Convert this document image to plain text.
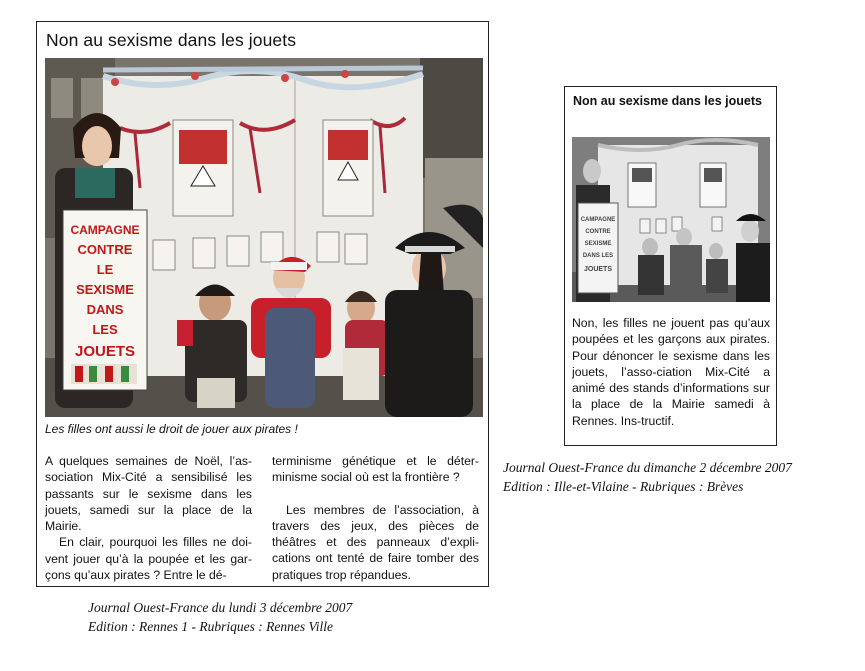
Non au sexisme dans les jouets
CAMPAGNE
CONTRE
LE
SEXISME
DANS
LES
JOUETS
Les filles ont aussi le droit de jouer aux pirates !

A quelques semaines de Noël, l’as-sociation Mix-Cité a sensibilisé les passants sur le sexisme dans les jouets, samedi sur la place de la Mairie.

En clair, pourquoi les filles ne doi-vent jouer qu’à la poupée et les gar-çons qu’aux pirates ? Entre le dé-

terminisme génétique et le déter-minisme social où est la frontière ?

Les membres de l’association, à travers des jeux, des pièces de théâtres et des panneaux d’expli-cations ont tenté de faire tomber des pratiques trop répandues.

Journal Ouest-France du lundi 3 décembre 2007
Edition : Rennes 1 - Rubriques : Rennes Ville
Non au sexisme dans les jouets
CAMPAGNE
CONTRE
SEXISME
DANS LES
JOUETS
Non, les filles ne jouent pas qu’aux poupées et les garçons aux pirates. Pour dénoncer le sexisme dans les jouets, l’asso-ciation Mix-Cité a animé des stands d’informations sur la place de la Mairie samedi à Rennes. Ins-tructif.
Journal Ouest-France du dimanche 2 décembre 2007
Edition : Ille-et-Vilaine - Rubriques : Brèves
